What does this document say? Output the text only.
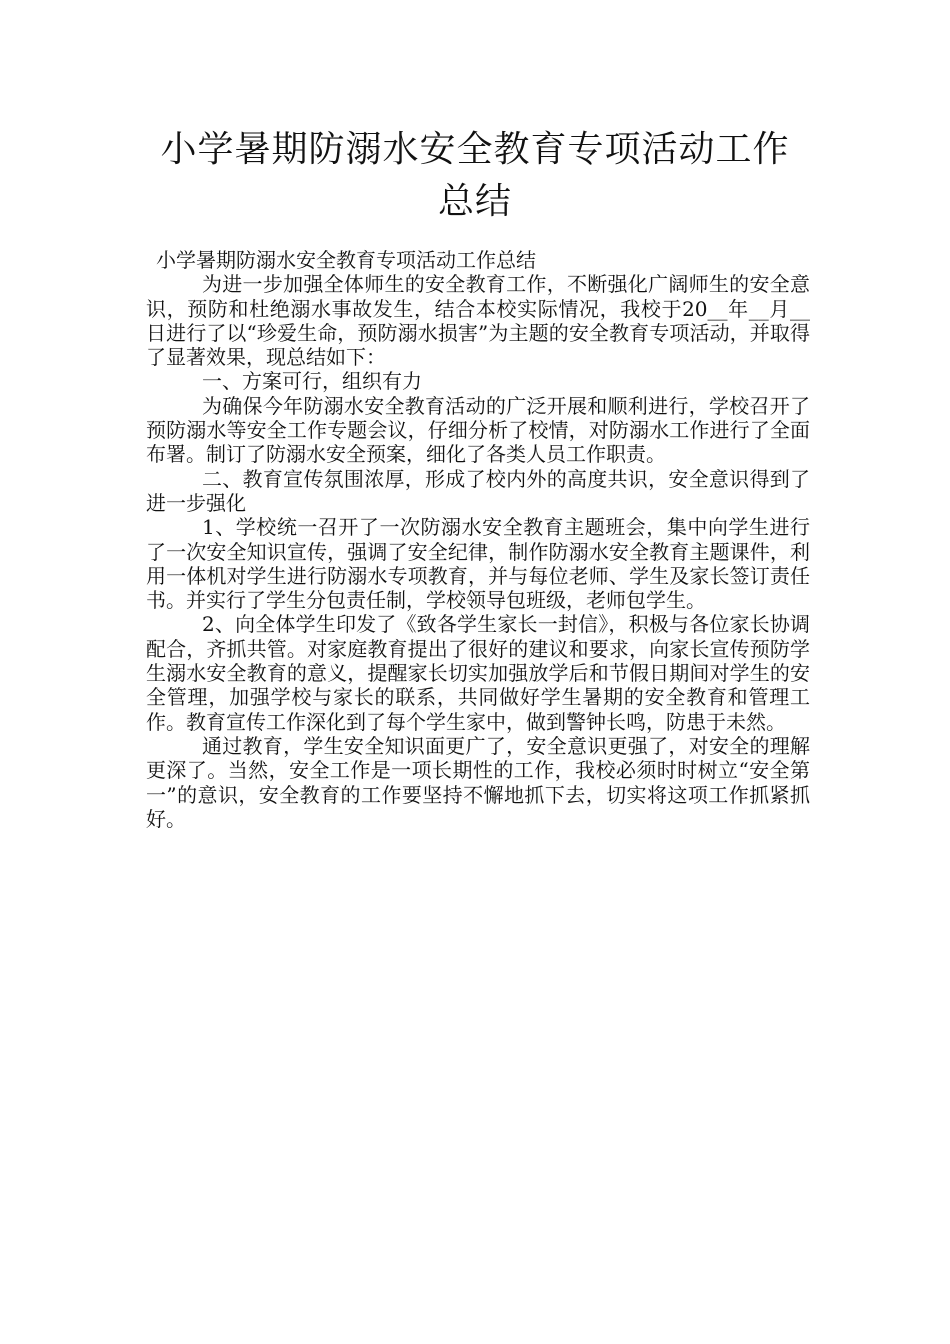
小学暑期防溺水安全教育专项活动工作总结

小学暑期防溺水安全教育专项活动工作总结

为进一步加强全体师生的安全教育工作，不断强化广阔师生的安全意识，预防和杜绝溺水事故发生，结合本校实际情况，我校于20__年__月__日进行了以“珍爱生命，预防溺水损害”为主题的安全教育专项活动，并取得了显著效果，现总结如下：

一、方案可行，组织有力

为确保今年防溺水安全教育活动的广泛开展和顺利进行，学校召开了预防溺水等安全工作专题会议，仔细分析了校情，对防溺水工作进行了全面布署。制订了防溺水安全预案，细化了各类人员工作职责。

二、教育宣传氛围浓厚，形成了校内外的高度共识，安全意识得到了进一步强化

1、学校统一召开了一次防溺水安全教育主题班会，集中向学生进行了一次安全知识宣传，强调了安全纪律，制作防溺水安全教育主题课件，利用一体机对学生进行防溺水专项教育，并与每位老师、学生及家长签订责任书。并实行了学生分包责任制，学校领导包班级，老师包学生。

2、向全体学生印发了《致各学生家长一封信》，积极与各位家长协调配合，齐抓共管。对家庭教育提出了很好的建议和要求，向家长宣传预防学生溺水安全教育的意义，提醒家长切实加强放学后和节假日期间对学生的安全管理，加强学校与家长的联系，共同做好学生暑期的安全教育和管理工作。教育宣传工作深化到了每个学生家中，做到警钟长鸣，防患于未然。

通过教育，学生安全知识面更广了，安全意识更强了，对安全的理解更深了。当然，安全工作是一项长期性的工作，我校必须时时树立“安全第一”的意识，安全教育的工作要坚持不懈地抓下去，切实将这项工作抓紧抓好。
